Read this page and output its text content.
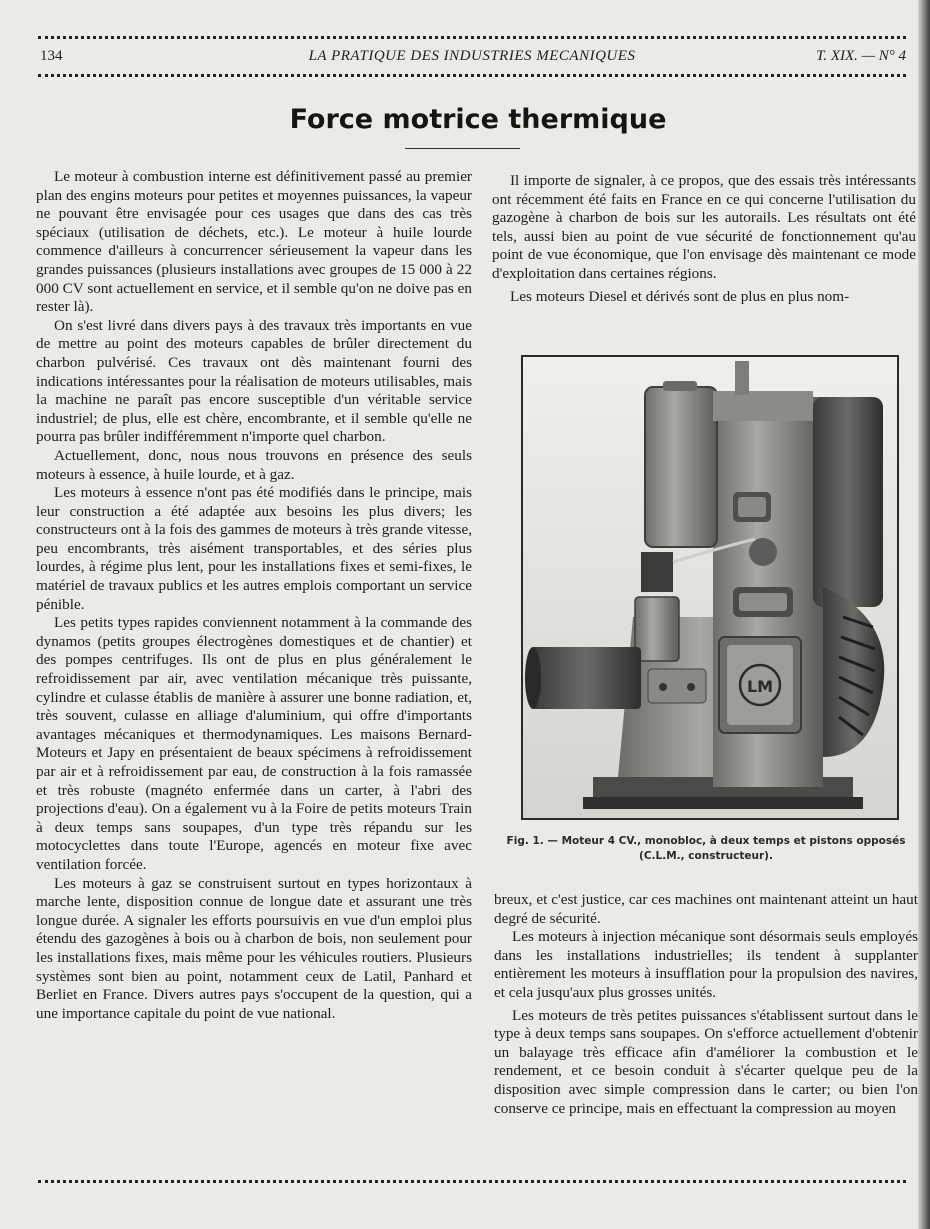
134	LA PRATIQUE DES INDUSTRIES MECANIQUES	T. XIX. — N° 4
Force motrice thermique

Le moteur à combustion interne est définitivement passé au premier plan des engins moteurs pour petites et moyennes puissances, la vapeur ne pouvant être envisagée pour ces usages que dans des cas très spéciaux (utilisation de déchets, etc.). Le moteur à huile lourde commence d'ailleurs à concurrencer sérieusement la vapeur dans les grandes puissances (plusieurs installations avec groupes de 15 000 à 22 000 CV sont actuellement en service, et il semble qu'on ne doive pas en rester là).

On s'est livré dans divers pays à des travaux très importants en vue de mettre au point des moteurs capables de brûler directement du charbon pulvérisé. Ces travaux ont dès maintenant fourni des indications intéressantes pour la réalisation de moteurs utilisables, mais la machine ne paraît pas encore susceptible d'un véritable service industriel; de plus, elle est chère, encombrante, et il semble qu'elle ne pourra pas brûler indifféremment n'importe quel charbon.

Actuellement, donc, nous nous trouvons en présence des seuls moteurs à essence, à huile lourde, et à gaz.

Les moteurs à essence n'ont pas été modifiés dans le principe, mais leur construction a été adaptée aux besoins les plus divers; les constructeurs ont à la fois des gammes de moteurs à très grande vitesse, peu encombrants, très aisément transportables, et des séries plus lourdes, à régime plus lent, pour les installations fixes et semi-fixes, le matériel de travaux publics et les autres emplois comportant un service pénible.

Les petits types rapides conviennent notamment à la commande des dynamos (petits groupes électrogènes domestiques et de chantier) et des pompes centrifuges. Ils ont de plus en plus généralement le refroidissement par air, avec ventilation mécanique très puissante, cylindre et culasse établis de manière à assurer une bonne radiation, et, très souvent, culasse en alliage d'aluminium, qui offre d'importants avantages mécaniques et thermodynamiques. Les maisons Bernard-Moteurs et Japy en présentaient de beaux spécimens à refroidissement par air et à refroidissement par eau, de construction à la fois ramassée et très robuste (magnéto enfermée dans un carter, à l'abri des projections d'eau). On a également vu à la Foire de petits moteurs Train à deux temps sans soupapes, d'un type très répandu sur les motocyclettes dans toute l'Europe, agencés en moteur fixe avec ventilation forcée.

Les moteurs à gaz se construisent surtout en types horizontaux à marche lente, disposition connue de longue date et assurant une très longue durée. A signaler les efforts poursuivis en vue d'un emploi plus étendu des gazogènes à bois ou à charbon de bois, non seulement pour les installations fixes, mais même pour les véhicules routiers. Plusieurs systèmes sont bien au point, notamment ceux de Latil, Panhard et Berliet en France. Divers autres pays s'occupent de la question, qui a une importance capitale du point de vue national.

Il importe de signaler, à ce propos, que des essais très intéressants ont récemment été faits en France en ce qui concerne l'utilisation du gazogène à charbon de bois sur les autorails. Les résultats ont été tels, aussi bien au point de vue sécurité de fonctionnement qu'au point de vue économique, que l'on envisage dès maintenant ce mode d'exploitation dans certaines régions.

Les moteurs Diesel et dérivés sont de plus en plus nom-

LM
Fig. 1. — Moteur 4 CV., monobloc, à deux temps et pistons opposés
(C.L.M., constructeur).

breux, et c'est justice, car ces machines ont maintenant atteint un haut degré de sécurité.

Les moteurs à injection mécanique sont désormais seuls employés dans les installations industrielles; ils tendent à supplanter entièrement les moteurs à insufflation pour la propulsion des navires, et cela jusqu'aux plus grosses unités.

Les moteurs de très petites puissances s'établissent surtout dans le type à deux temps sans soupapes. On s'efforce actuellement d'obtenir un balayage très efficace afin d'améliorer la combustion et le rendement, et ce besoin conduit à s'écarter quelque peu de la disposition avec simple compression dans le carter; ou bien l'on conserve ce principe, mais en effectuant la compression au moyen
